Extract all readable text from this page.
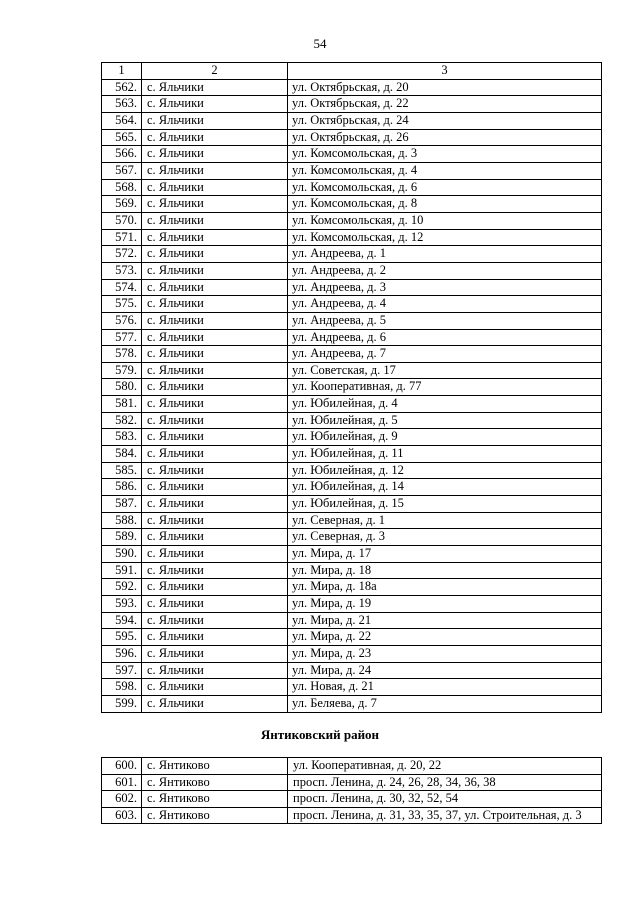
54
1	2	3
562.	с. Яльчики	ул. Октябрьская, д. 20
563.	с. Яльчики	ул. Октябрьская, д. 22
564.	с. Яльчики	ул. Октябрьская, д. 24
565.	с. Яльчики	ул. Октябрьская, д. 26
566.	с. Яльчики	ул. Комсомольская, д. 3
567.	с. Яльчики	ул. Комсомольская, д. 4
568.	с. Яльчики	ул. Комсомольская, д. 6
569.	с. Яльчики	ул. Комсомольская, д. 8
570.	с. Яльчики	ул. Комсомольская, д. 10
571.	с. Яльчики	ул. Комсомольская, д. 12
572.	с. Яльчики	ул. Андреева, д. 1
573.	с. Яльчики	ул. Андреева, д. 2
574.	с. Яльчики	ул. Андреева, д. 3
575.	с. Яльчики	ул. Андреева, д. 4
576.	с. Яльчики	ул. Андреева, д. 5
577.	с. Яльчики	ул. Андреева, д. 6
578.	с. Яльчики	ул. Андреева, д. 7
579.	с. Яльчики	ул. Советская, д. 17
580.	с. Яльчики	ул. Кооперативная, д. 77
581.	с. Яльчики	ул. Юбилейная, д. 4
582.	с. Яльчики	ул. Юбилейная, д. 5
583.	с. Яльчики	ул. Юбилейная, д. 9
584.	с. Яльчики	ул. Юбилейная, д. 11
585.	с. Яльчики	ул. Юбилейная, д. 12
586.	с. Яльчики	ул. Юбилейная, д. 14
587.	с. Яльчики	ул. Юбилейная, д. 15
588.	с. Яльчики	ул. Северная, д. 1
589.	с. Яльчики	ул. Северная, д. 3
590.	с. Яльчики	ул. Мира, д. 17
591.	с. Яльчики	ул. Мира, д. 18
592.	с. Яльчики	ул. Мира, д. 18а
593.	с. Яльчики	ул. Мира, д. 19
594.	с. Яльчики	ул. Мира, д. 21
595.	с. Яльчики	ул. Мира, д. 22
596.	с. Яльчики	ул. Мира, д. 23
597.	с. Яльчики	ул. Мира, д. 24
598.	с. Яльчики	ул. Новая, д. 21
599.	с. Яльчики	ул. Беляева, д. 7
Янтиковский район
600.	с. Янтиково	ул. Кооперативная, д. 20, 22
601.	с. Янтиково	просп. Ленина, д. 24, 26, 28, 34, 36, 38
602.	с. Янтиково	просп. Ленина, д. 30, 32, 52, 54
603.	с. Янтиково	просп. Ленина, д. 31, 33, 35, 37, ул. Строительная, д. 3
